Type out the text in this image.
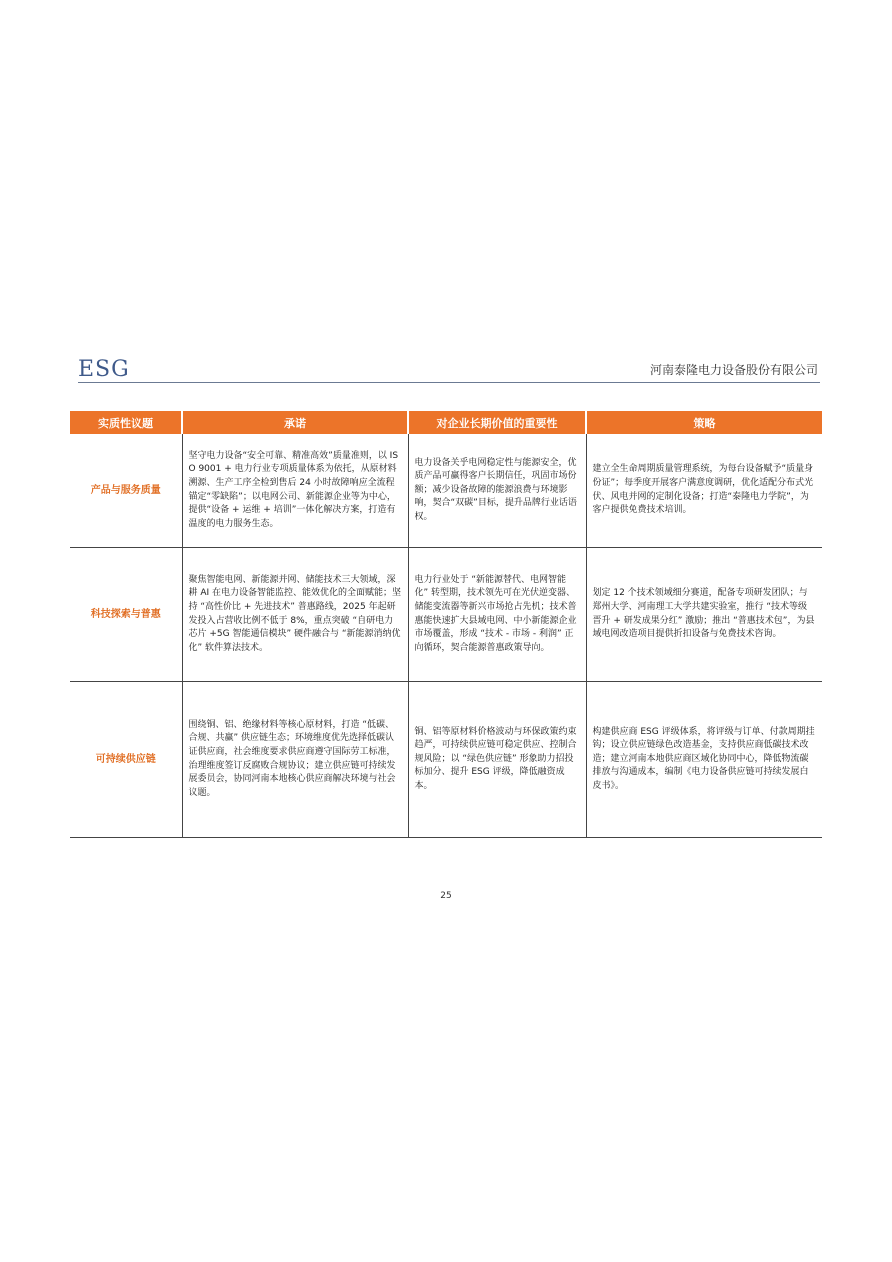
ESG	河南泰隆电力设备股份有限公司
实质性议题	承诺	对企业长期价值的重要性	策略
产品与服务质量	坚守电力设备“安全可靠、精准高效”质量准则，以 ISO 9001 + 电力行业专项质量体系为依托，从原材料溯源、生产工序全检到售后 24 小时故障响应全流程锚定“零缺陷”；以电网公司、新能源企业等为中心，提供“设备 + 运维 + 培训”一体化解决方案，打造有温度的电力服务生态。	电力设备关乎电网稳定性与能源安全，优质产品可赢得客户长期信任，巩固市场份额；减少设备故障的能源浪费与环境影响，契合“双碳”目标，提升品牌行业话语权。	建立全生命周期质量管理系统，为每台设备赋予“质量身份证”；每季度开展客户满意度调研，优化适配分布式光伏、风电并网的定制化设备；打造“泰隆电力学院”，为客户提供免费技术培训。
科技探索与普惠	聚焦智能电网、新能源并网、储能技术三大领域，深耕 AI 在电力设备智能监控、能效优化的全面赋能；坚持 “高性价比 + 先进技术” 普惠路线，2025 年起研发投入占营收比例不低于 8%，重点突破 “自研电力芯片 +5G 智能通信模块” 硬件融合与 “新能源消纳优化” 软件算法技术。	电力行业处于 “新能源替代、电网智能化” 转型期，技术领先可在光伏逆变器、储能变流器等新兴市场抢占先机；技术普惠能快速扩大县域电网、中小新能源企业市场覆盖，形成 “技术 - 市场 - 利润” 正向循环，契合能源普惠政策导向。	划定 12 个技术领域细分赛道，配备专项研发团队；与郑州大学、河南理工大学共建实验室，推行 “技术等级晋升 + 研发成果分红” 激励；推出 “普惠技术包”，为县域电网改造项目提供折扣设备与免费技术咨询。
可持续供应链	围绕铜、铝、绝缘材料等核心原材料，打造 “低碳、合规、共赢” 供应链生态；环境维度优先选择低碳认证供应商，社会维度要求供应商遵守国际劳工标准，治理维度签订反腐败合规协议；建立供应链可持续发展委员会，协同河南本地核心供应商解决环境与社会议题。	铜、铝等原材料价格波动与环保政策约束趋严，可持续供应链可稳定供应、控制合规风险；以 “绿色供应链” 形象助力招投标加分、提升 ESG 评级，降低融资成本。	构建供应商 ESG 评级体系，将评级与订单、付款周期挂钩；设立供应链绿色改造基金，支持供应商低碳技术改造；建立河南本地供应商区域化协同中心，降低物流碳排放与沟通成本，编制《电力设备供应链可持续发展白皮书》。
25
